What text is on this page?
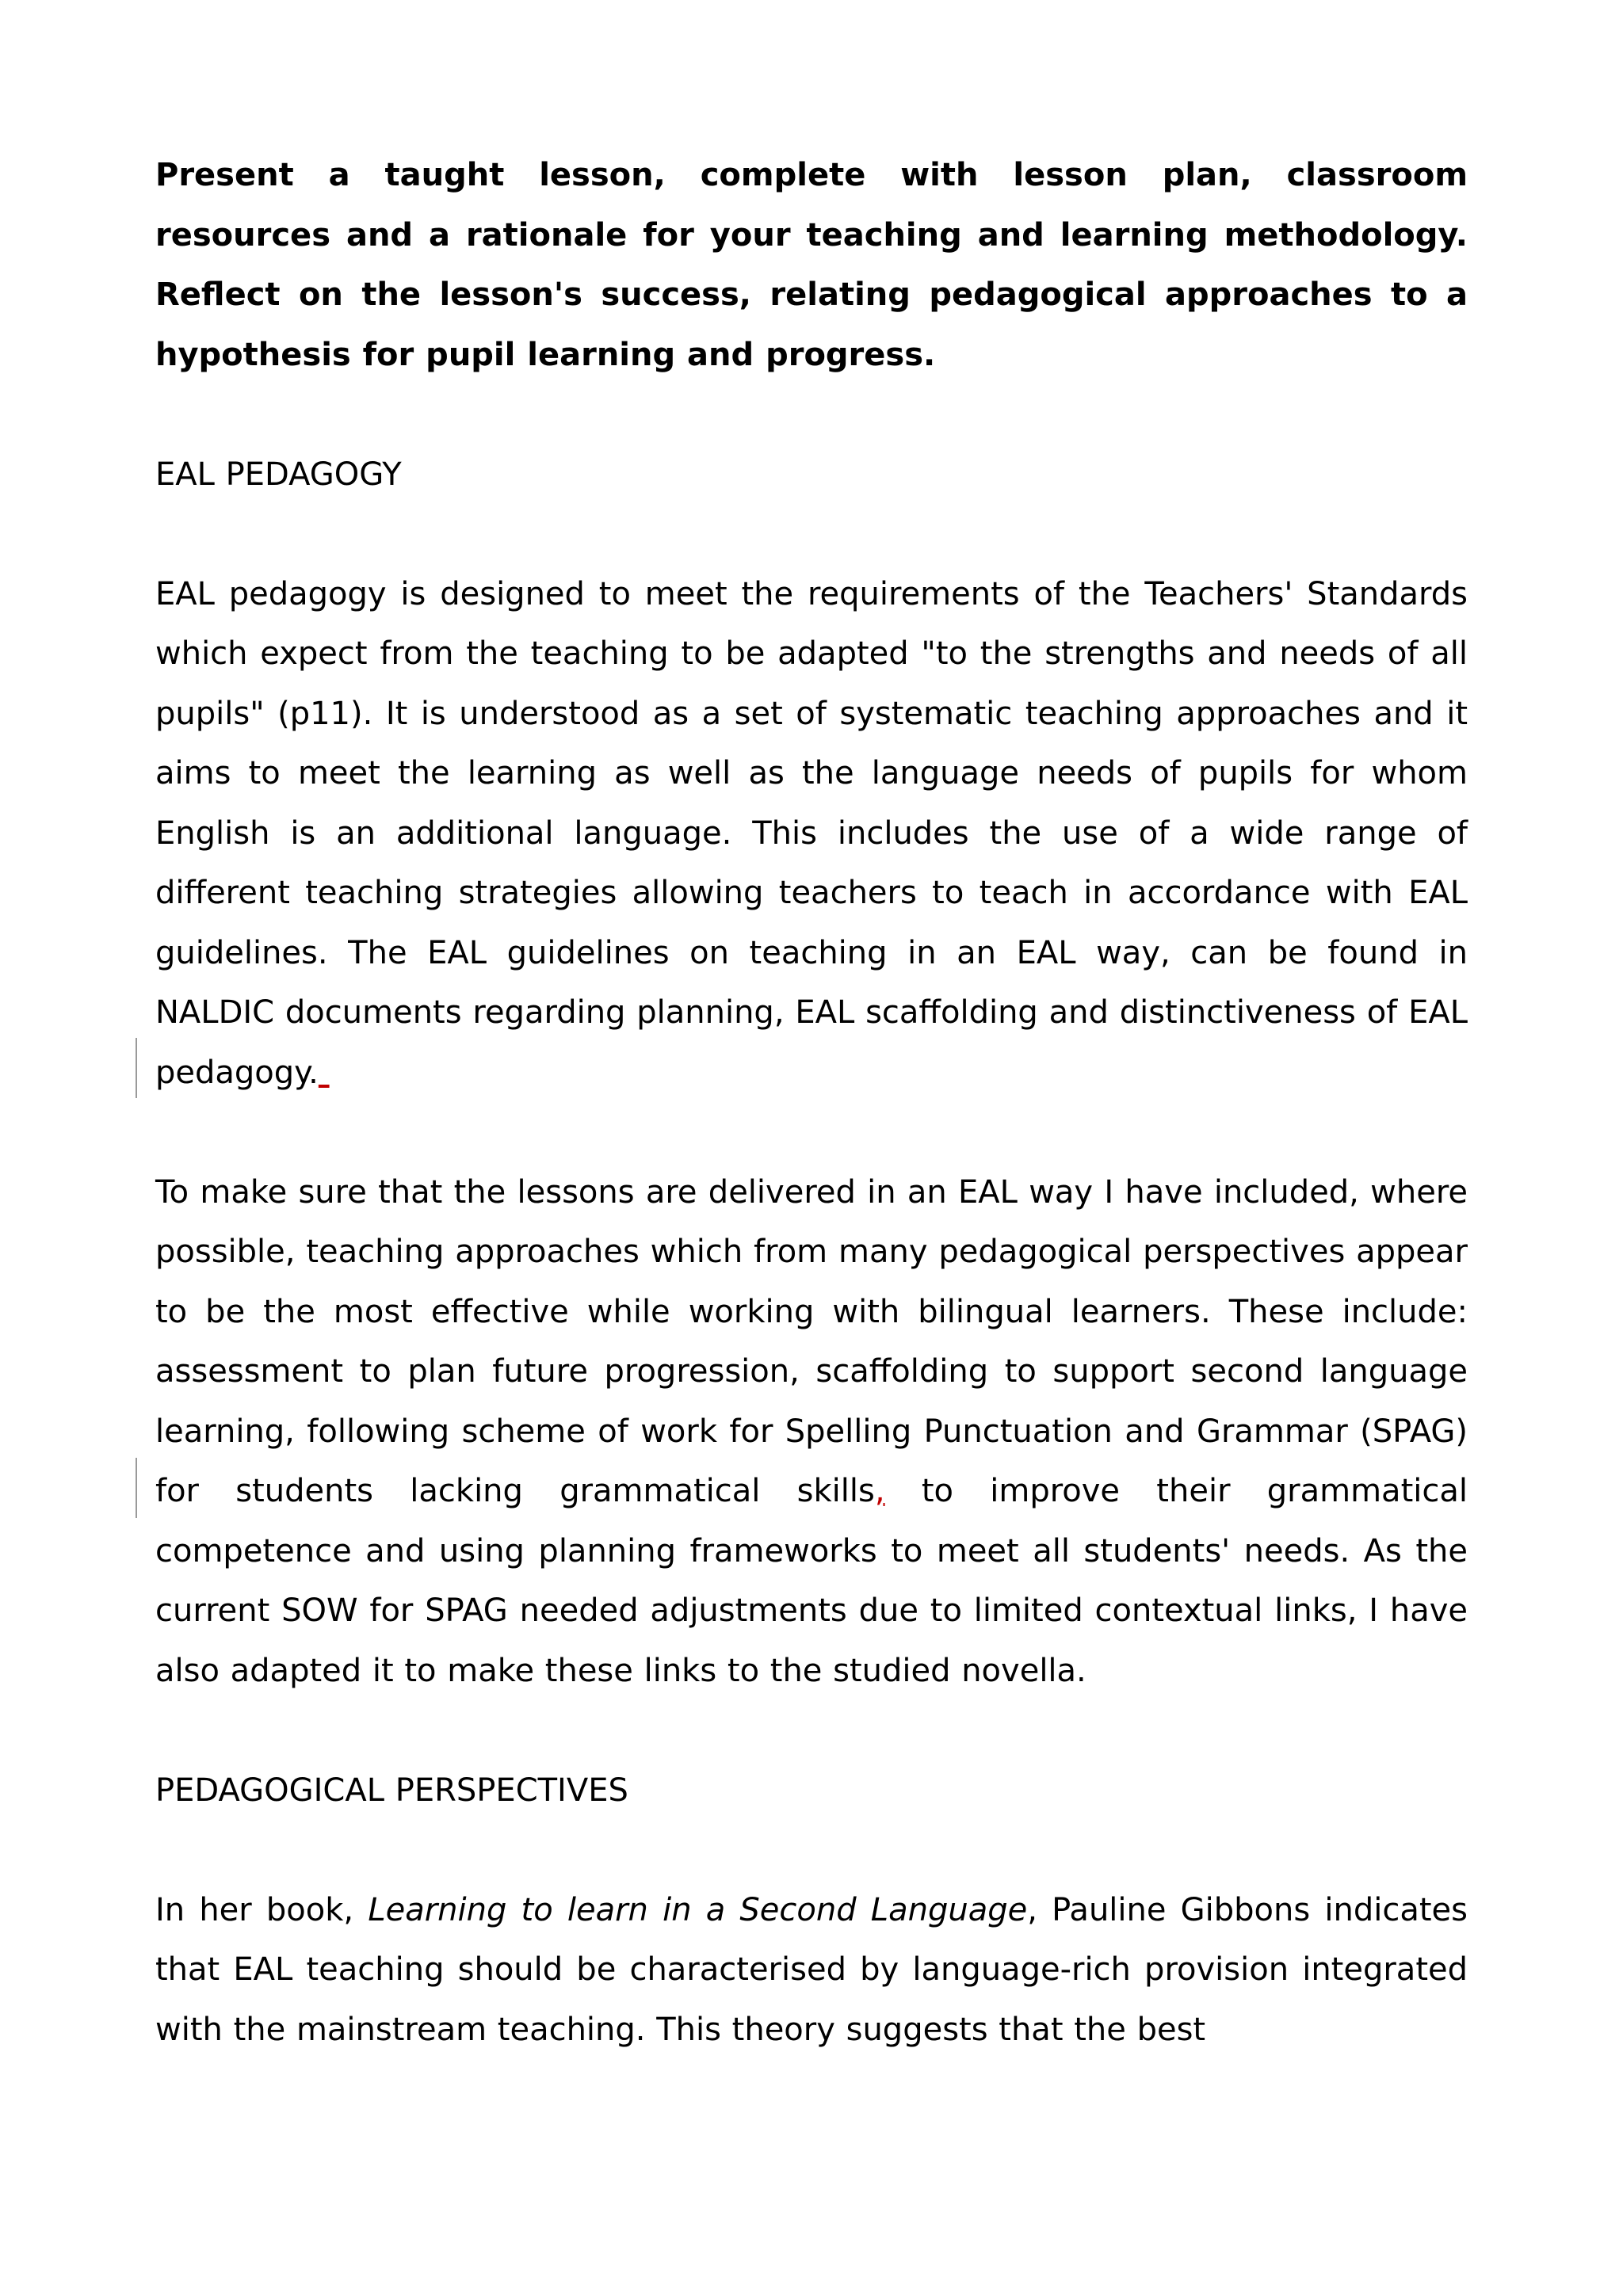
Present a taught lesson, complete with lesson plan, classroom resources and a rationale for your teaching and learning methodology. Reflect on the lesson's success, relating pedagogical approaches to a hypothesis for pupil learning and progress.

EAL PEDAGOGY

EAL pedagogy is designed to meet the requirements of the Teachers' Standards which expect from the teaching to be adapted "to the strengths and needs of all pupils" (p11). It is understood as a set of systematic teaching approaches and it aims to meet the learning as well as the language needs of pupils for whom English is an additional language. This includes the use of a wide range of different teaching strategies allowing teachers to teach in accordance with EAL guidelines. The EAL guidelines on teaching in an EAL way, can be found in NALDIC documents regarding planning, EAL scaffolding and distinctiveness of EAL pedagogy.

To make sure that the lessons are delivered in an EAL way I have included, where possible, teaching approaches which from many pedagogical perspectives appear to be the most effective while working with bilingual learners. These include: assessment to plan future progression, scaffolding to support second language learning, following scheme of work for Spelling Punctuation and Grammar (SPAG) for students lacking grammatical skills, to improve their grammatical competence and using planning frameworks to meet all students' needs. As the current SOW for SPAG needed adjustments due to limited contextual links, I have also adapted it to make these links to the studied novella.

PEDAGOGICAL PERSPECTIVES

In her book, Learning to learn in a Second Language, Pauline Gibbons indicates that EAL teaching should be characterised by language-rich provision integrated with the mainstream teaching. This theory suggests that the best
